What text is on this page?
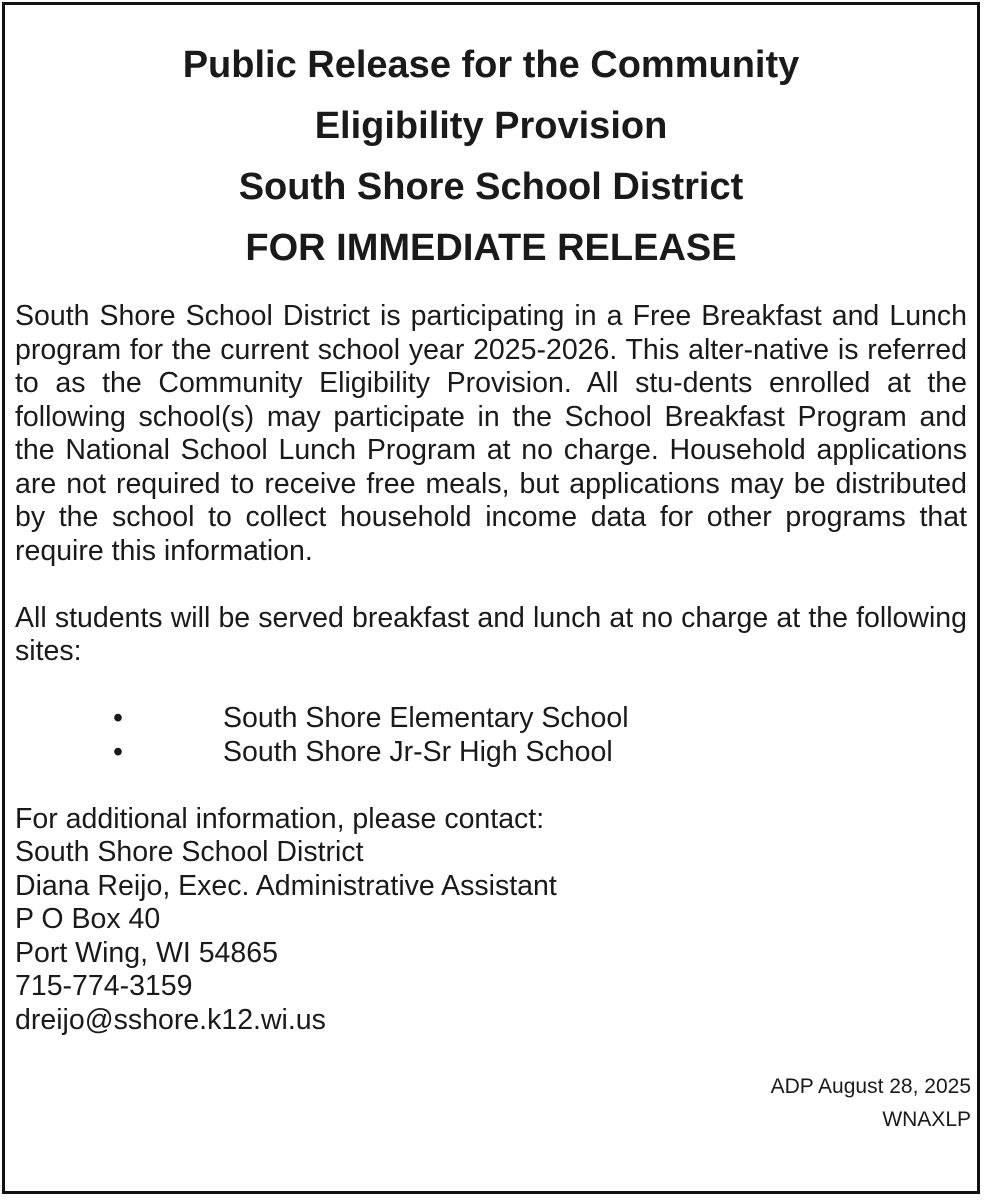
Public Release for the Community
Eligibility Provision
South Shore School District
FOR IMMEDIATE RELEASE

South Shore School District is participating in a Free Breakfast and Lunch program for the current school year 2025-2026. This alter-native is referred to as the Community Eligibility Provision. All stu-dents enrolled at the following school(s) may participate in the School Breakfast Program and the National School Lunch Program at no charge. Household applications are not required to receive free meals, but applications may be distributed by the school to collect household income data for other programs that require this information.

All students will be served breakfast and lunch at no charge at the following sites:

•	South Shore Elementary School
•	South Shore Jr-Sr High School
For additional information, please contact:
South Shore School District
Diana Reijo, Exec. Administrative Assistant
P O Box 40
Port Wing, WI 54865
715-774-3159
dreijo@sshore.k12.wi.us
ADP August 28, 2025
WNAXLP
